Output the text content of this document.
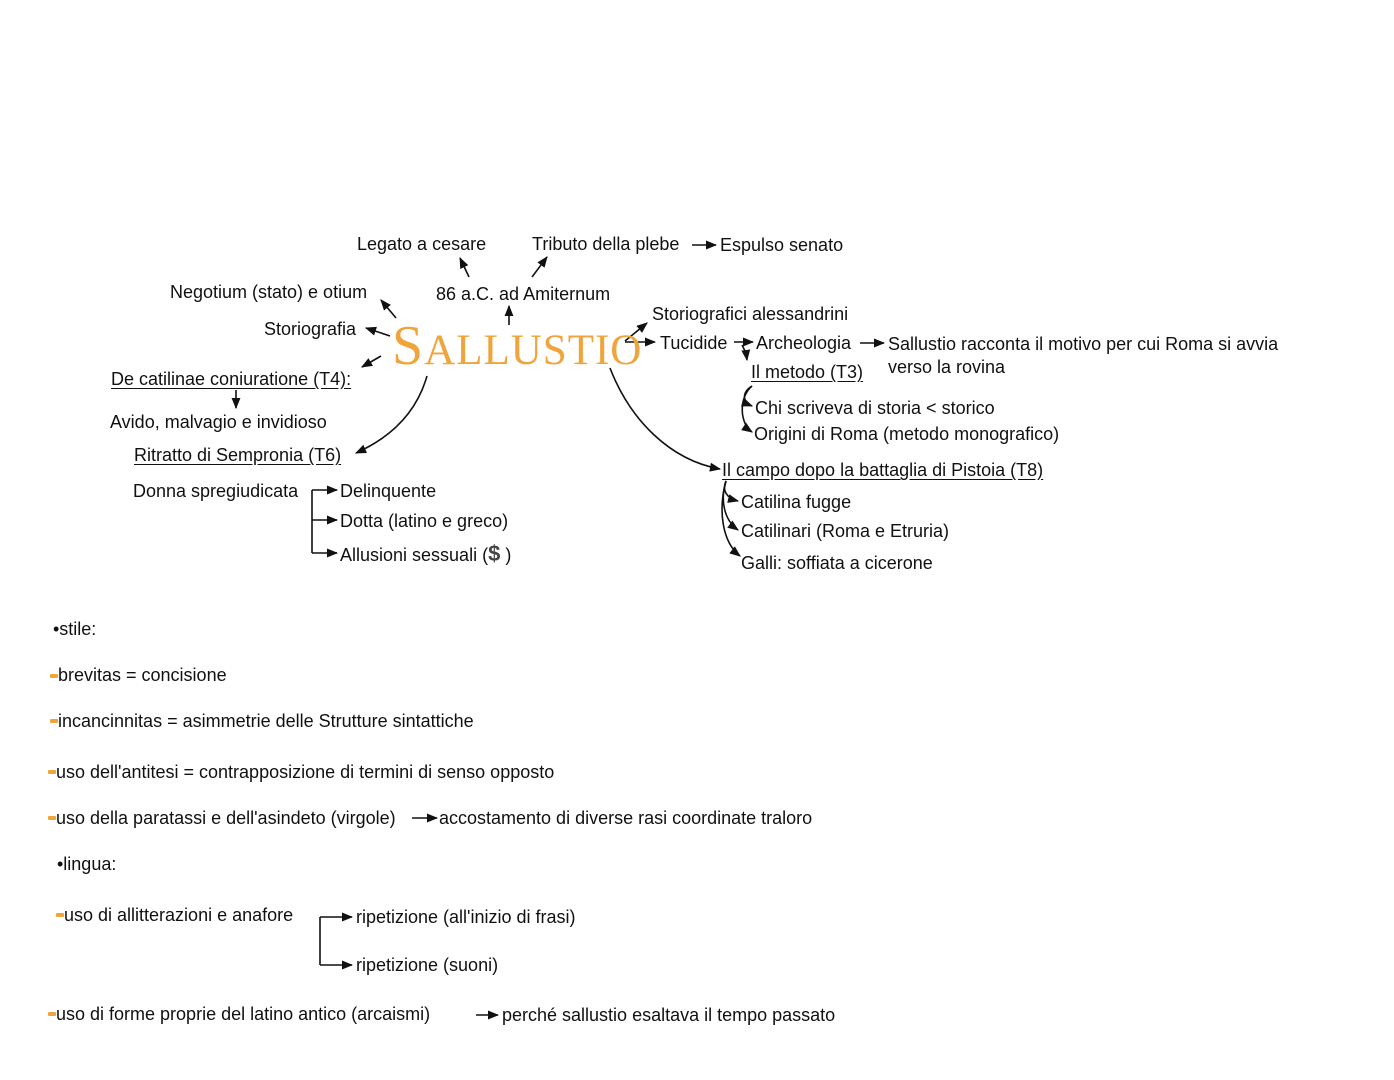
SALLUSTIO
Legato a cesare	Tributo della plebe Espulso senato
86 a.C. ad Amiternum
Negotium (stato) e otium
Storiografia
De catilinae coniuratione (T4):
Avido, malvagio e invidioso
Ritratto di Sempronia (T6)
Donna spregiudicata Delinquente
Dotta (latino e greco)
Allusioni sessuali ($ )
Storiografici alessandrini
Tucidide Archeologia Sallustio racconta il motivo per cui Roma si avvia
verso la rovina
Il metodo (T3)
Chi scriveva di storia < storico
Origini di Roma (metodo monografico)
Il campo dopo la battaglia di Pistoia (T8)
Catilina fugge
Catilinari (Roma e Etruria)
Galli: soffiata a cicerone
•stile:
brevitas = concisione
incancinnitas = asimmetrie delle Strutture sintattiche
uso dell'antitesi = contrapposizione di termini di senso opposto
uso della paratassi e dell'asindeto (virgole) accostamento di diverse rasi coordinate traloro
•lingua:
uso di allitterazioni e anafore	ripetizione (all'inizio di frasi)
ripetizione (suoni)
uso di forme proprie del latino antico (arcaismi)	perché sallustio esaltava il tempo passato
